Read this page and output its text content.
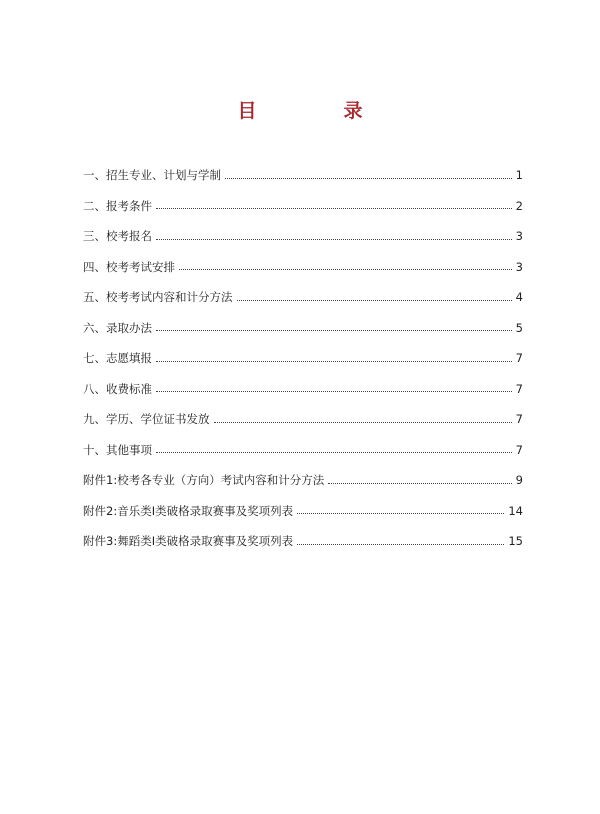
目　录
一、招生专业、计划与学制	1
二、报考条件	2
三、校考报名	3
四、校考考试安排	3
五、校考考试内容和计分方法	4
六、录取办法	5
七、志愿填报	7
八、收费标准	7
九、学历、学位证书发放	7
十、其他事项	7
附件1:校考各专业（方向）考试内容和计分方法	9
附件2:音乐类Ⅰ类破格录取赛事及奖项列表	14
附件3:舞蹈类Ⅰ类破格录取赛事及奖项列表	15
